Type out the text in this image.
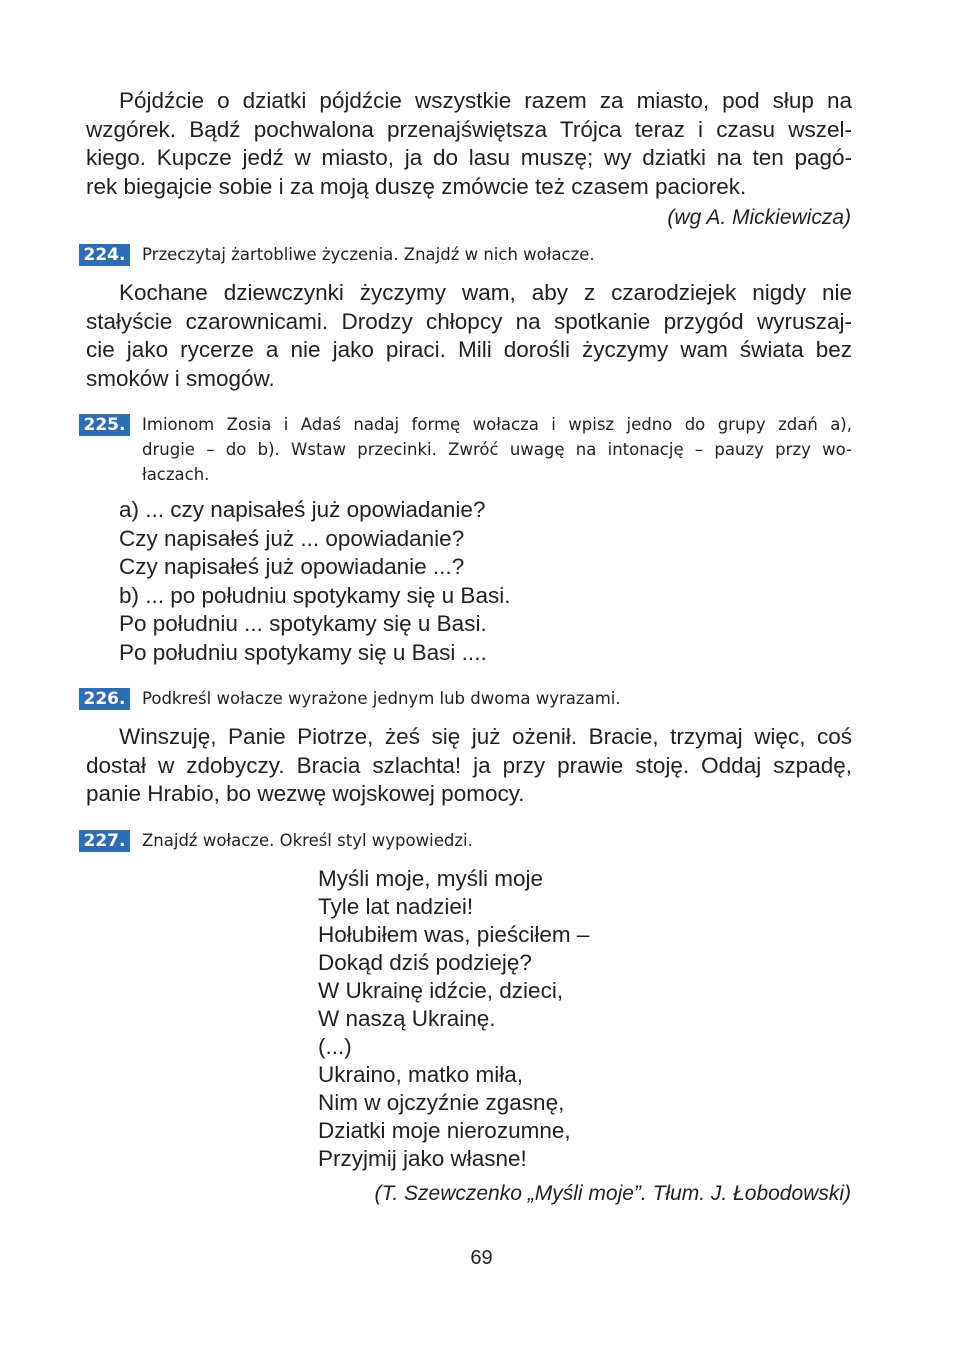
Pójdźcie o dziatki pójdźcie wszystkie razem za miasto, pod słup na
wzgórek. Bądź pochwalona przenajświętsza Trójca teraz i czasu wszel-
kiego. Kupcze jedź w miasto, ja do lasu muszę; wy dziatki na ten pagó-
rek biegajcie sobie i za moją duszę zmówcie też czasem paciorek.
(wg A. Mickiewicza)
224. Przeczytaj żartobliwe życzenia. Znajdź w nich wołacze.
Kochane dziewczynki życzymy wam, aby z czarodziejek nigdy nie
stałyście czarownicami. Drodzy chłopcy na spotkanie przygód wyruszaj-
cie jako rycerze a nie jako piraci. Mili dorośli życzymy wam świata bez
smoków i smogów.
225. Imionom Zosia i Adaś nadaj formę wołacza i wpisz jedno do grupy zdań a),
drugie – do b). Wstaw przecinki. Zwróć uwagę na intonację – pauzy przy wo-
łaczach.
a) ... czy napisałeś już opowiadanie?
Czy napisałeś już ... opowiadanie?
Czy napisałeś już opowiadanie ...?
b) ... po południu spotykamy się u Basi.
Po południu ... spotykamy się u Basi.
Po południu spotykamy się u Basi ....
226. Podkreśl wołacze wyrażone jednym lub dwoma wyrazami.
Winszuję, Panie Piotrze, żeś się już ożenił. Bracie, trzymaj więc, coś
dostał w zdobyczy. Bracia szlachta! ja przy prawie stoję. Oddaj szpadę,
panie Hrabio, bo wezwę wojskowej pomocy.
227. Znajdź wołacze. Określ styl wypowiedzi.
Myśli moje, myśli moje
Tyle lat nadziei!
Hołubiłem was, pieściłem –
Dokąd dziś podzieję?
W Ukrainę idźcie, dzieci,
W naszą Ukrainę.
(...)
Ukraino, matko miła,
Nim w ojczyźnie zgasnę,
Dziatki moje nierozumne,
Przyjmij jako własne!
(T. Szewczenko „Myśli moje”. Tłum. J. Łobodowski)
69
